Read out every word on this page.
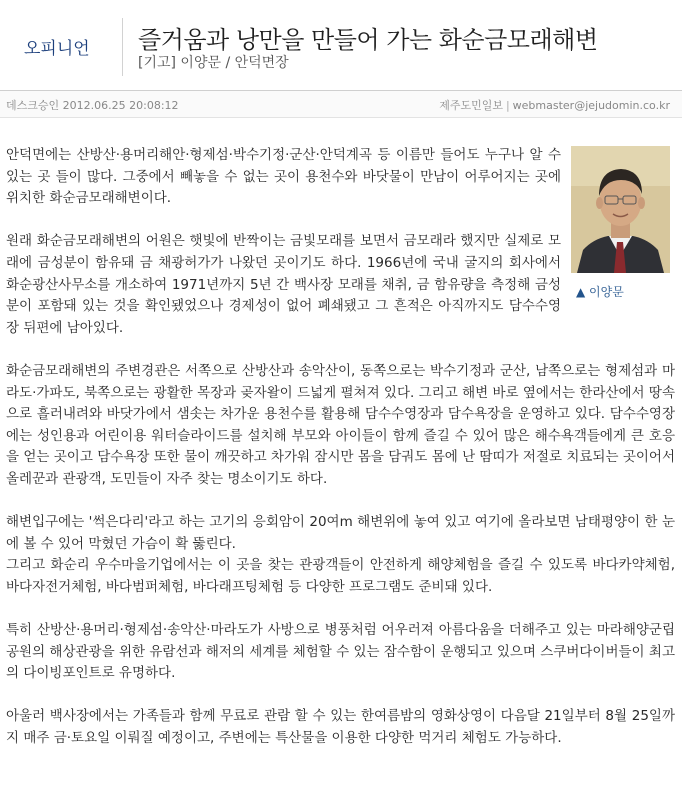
오피니언 즐거움과 낭만을 만들어 가는 화순금모래해변
[기고] 이양문 / 안덕면장
데스크승인 2012.06.25 20:08:12	제주도민일보 | webmaster@jejudomin.co.kr
▲ 이양문

안덕면에는 산방산·용머리해안·형제섬·박수기정·군산·안덕계곡 등 이름만 들어도 누구나 알 수 있는 곳 들이 많다. 그중에서 빼놓을 수 없는 곳이 용천수와 바닷물이 만남이 어루어지는 곳에 위치한 화순금모래해변이다.

원래 화순금모래해변의 어원은 햇빛에 반짝이는 금빛모래를 보면서 금모래라 했지만 실제로 모래에 금성분이 함유돼 금 채광허가가 나왔던 곳이기도 하다. 1966년에 국내 굴지의 회사에서 화순광산사무소를 개소하여 1971년까지 5년 간 백사장 모래를 채취, 금 함유량을 측정해 금성분이 포함돼 있는 것을 확인됐었으나 경제성이 없어 폐쇄됐고 그 흔적은 아직까지도 담수수영장 뒤편에 남아있다.

화순금모래해변의 주변경관은 서쪽으로 산방산과 송악산이, 동쪽으로는 박수기정과 군산, 남쪽으로는 형제섬과 마라도·가파도, 북쪽으로는 광활한 목장과 곶자왈이 드넓게 펼쳐져 있다. 그리고 해변 바로 옆에서는 한라산에서 땅속으로 흘러내려와 바닷가에서 샘솟는 차가운 용천수를 활용해 담수수영장과 담수욕장을 운영하고 있다. 담수수영장에는 성인용과 어린이용 워터슬라이드를 설치해 부모와 아이들이 함께 즐길 수 있어 많은 해수욕객들에게 큰 호응을 얻는 곳이고 담수욕장 또한 물이 깨끗하고 차가워 잠시만 몸을 담궈도 몸에 난 땀띠가 저절로 치료되는 곳이어서 올레꾼과 관광객, 도민들이 자주 찾는 명소이기도 하다.

해변입구에는 '썩은다리'라고 하는 고기의 응회암이 20여m 해변위에 놓여 있고 여기에 올라보면 남태평양이 한 눈에 볼 수 있어 막혔던 가슴이 확 뚫린다.

그리고 화순리 우수마을기업에서는 이 곳을 찾는 관광객들이 안전하게 해양체험을 즐길 수 있도록 바다카약체험, 바다자전거체험, 바다범퍼체험, 바다래프팅체험 등 다양한 프로그램도 준비돼 있다.

특히 산방산·용머리·형제섬·송악산·마라도가 사방으로 병풍처럼 어우러져 아름다움을 더해주고 있는 마라해양군립공원의 해상관광을 위한 유람선과 해저의 세계를 체험할 수 있는 잠수함이 운행되고 있으며 스쿠버다이버들이 최고의 다이빙포인트로 유명하다.

아울러 백사장에서는 가족들과 함께 무료로 관람 할 수 있는 한여름밤의 영화상영이 다음달 21일부터 8월 25일까지 매주 금·토요일 이뤄질 예정이고, 주변에는 특산물을 이용한 다양한 먹거리 체험도 가능하다.
